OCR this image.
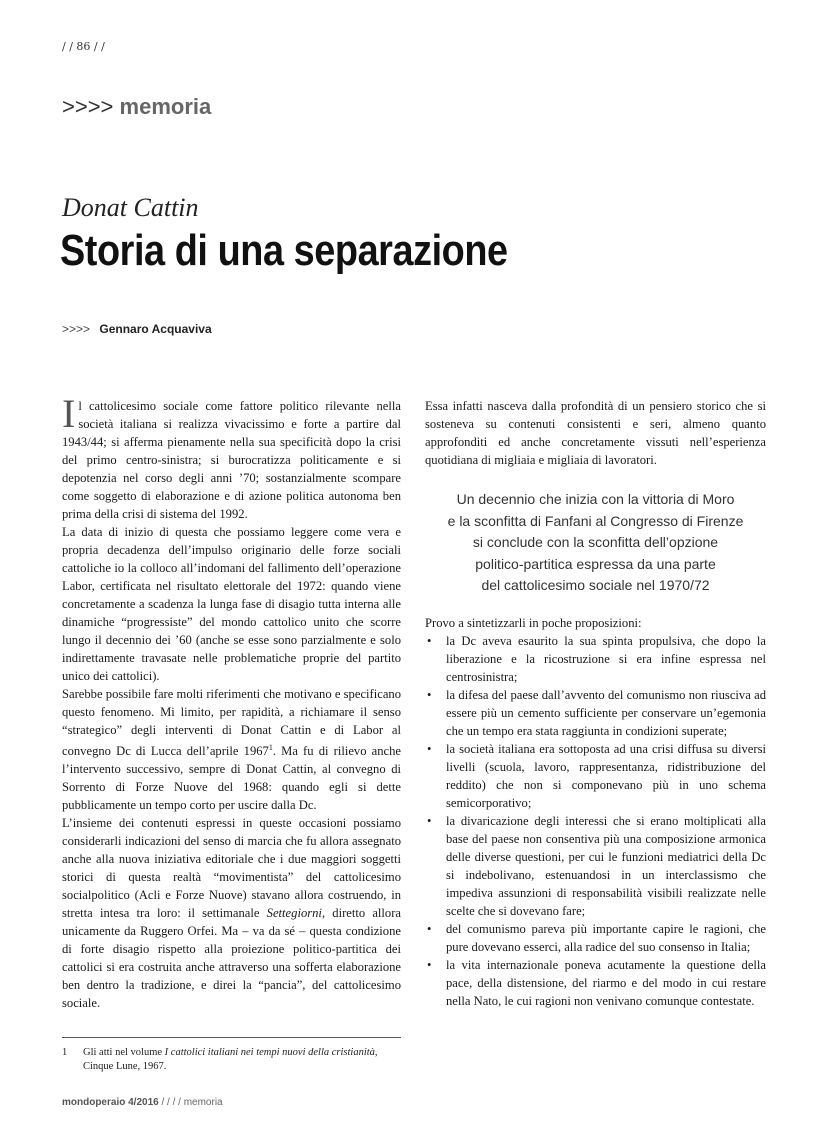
/ / 86 / /
>>>> memoria
Donat Cattin
Storia di una separazione
>>>> Gennaro Acquaviva

Il cattolicesimo sociale come fattore politico rilevante nella società italiana si realizza vivacissimo e forte a partire dal 1943/44; si afferma pienamente nella sua specificità dopo la crisi del primo centro-sinistra; si burocratizza politicamente e si depotenzia nel corso degli anni ’70; sostanzialmente scompare come soggetto di elaborazione e di azione politica autonoma ben prima della crisi di sistema del 1992.

La data di inizio di questa che possiamo leggere come vera e propria decadenza dell’impulso originario delle forze sociali cattoliche io la colloco all’indomani del fallimento dell’operazione Labor, certificata nel risultato elettorale del 1972: quando viene concretamente a scadenza la lunga fase di disagio tutta interna alle dinamiche “progressiste” del mondo cattolico unito che scorre lungo il decennio dei ’60 (anche se esse sono parzialmente e solo indirettamente travasate nelle problematiche proprie del partito unico dei cattolici).

Sarebbe possibile fare molti riferimenti che motivano e specificano questo fenomeno. Mi limito, per rapidità, a richiamare il senso “strategico” degli interventi di Donat Cattin e di Labor al convegno Dc di Lucca dell’aprile 1967$^1$. Ma fu di rilievo anche l’intervento successivo, sempre di Donat Cattin, al convegno di Sorrento di Forze Nuove del 1968: quando egli si dette pubblicamente un tempo corto per uscire dalla Dc.

L’insieme dei contenuti espressi in queste occasioni possiamo considerarli indicazioni del senso di marcia che fu allora assegnato anche alla nuova iniziativa editoriale che i due maggiori soggetti storici di questa realtà “movimentista” del cattolicesimo socialpolitico (Acli e Forze Nuove) stavano allora costruendo, in stretta intesa tra loro: il settimanale Settegiorni, diretto allora unicamente da Ruggero Orfei. Ma – va da sé – questa condizione di forte disagio rispetto alla proiezione politico-partitica dei cattolici si era costruita anche attraverso una sofferta elaborazione ben dentro la tradizione, e direi la “pancia”, del cattolicesimo sociale.

Essa infatti nasceva dalla profondità di un pensiero storico che si sosteneva su contenuti consistenti e seri, almeno quanto approfonditi ed anche concretamente vissuti nell’esperienza quotidiana di migliaia e migliaia di lavoratori.

Un decennio che inizia con la vittoria di Moro
e la sconfitta di Fanfani al Congresso di Firenze
si conclude con la sconfitta dell’opzione
politico-partitica espressa da una parte
del cattolicesimo sociale nel 1970/72

Provo a sintetizzarli in poche proposizioni:

• la Dc aveva esaurito la sua spinta propulsiva, che dopo la liberazione e la ricostruzione si era infine espressa nel centrosinistra;
• la difesa del paese dall’avvento del comunismo non riusciva ad essere più un cemento sufficiente per conservare un’egemonia che un tempo era stata raggiunta in condizioni superate;
• la società italiana era sottoposta ad una crisi diffusa su diversi livelli (scuola, lavoro, rappresentanza, ridistribuzione del reddito) che non si componevano più in uno schema semicorporativo;
• la divaricazione degli interessi che si erano moltiplicati alla base del paese non consentiva più una composizione armonica delle diverse questioni, per cui le funzioni mediatrici della Dc si indebolivano, estenuandosi in un interclassismo che impediva assunzioni di responsabilità visibili realizzate nelle scelte che si dovevano fare;
• del comunismo pareva più importante capire le ragioni, che pure dovevano esserci, alla radice del suo consenso in Italia;
• la vita internazionale poneva acutamente la questione della pace, della distensione, del riarmo e del modo in cui restare nella Nato, le cui ragioni non venivano comunque contestate.
1 Gli atti nel volume I cattolici italiani nei tempi nuovi della cristianità, Cinque Lune, 1967.
mondoperaio 4/2016 / / / / memoria
